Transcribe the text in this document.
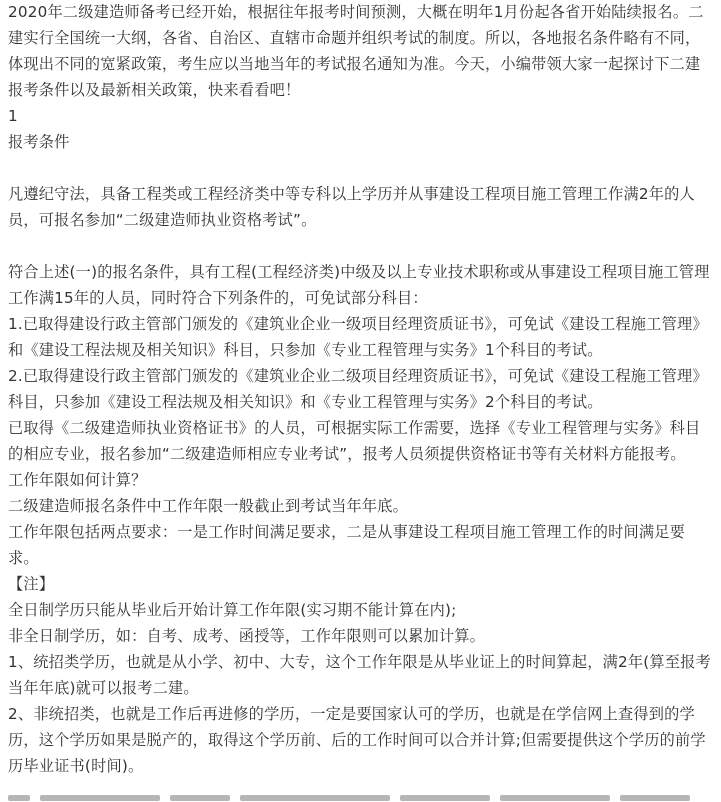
2020年二级建造师备考已经开始，根据往年报考时间预测，大概在明年1月份起各省开始陆续报名。二建实行全国统一大纲，各省、自治区、直辖市命题并组织考试的制度。所以，各地报名条件略有不同，体现出不同的宽紧政策，考生应以当地当年的考试报名通知为准。今天，小编带领大家一起探讨下二建报考条件以及最新相关政策，快来看看吧！

1

报考条件

凡遵纪守法，具备工程类或工程经济类中等专科以上学历并从事建设工程项目施工管理工作满2年的人员，可报名参加“二级建造师执业资格考试”。

符合上述(一)的报名条件，具有工程(工程经济类)中级及以上专业技术职称或从事建设工程项目施工管理工作满15年的人员，同时符合下列条件的，可免试部分科目：

1.已取得建设行政主管部门颁发的《建筑业企业一级项目经理资质证书》，可免试《建设工程施工管理》和《建设工程法规及相关知识》科目，只参加《专业工程管理与实务》1个科目的考试。

2.已取得建设行政主管部门颁发的《建筑业企业二级项目经理资质证书》，可免试《建设工程施工管理》科目，只参加《建设工程法规及相关知识》和《专业工程管理与实务》2个科目的考试。

已取得《二级建造师执业资格证书》的人员，可根据实际工作需要，选择《专业工程管理与实务》科目的相应专业，报名参加“二级建造师相应专业考试”，报考人员须提供资格证书等有关材料方能报考。

工作年限如何计算？

二级建造师报名条件中工作年限一般截止到考试当年年底。

工作年限包括两点要求：一是工作时间满足要求，二是从事建设工程项目施工管理工作的时间满足要求。

【注】

全日制学历只能从毕业后开始计算工作年限(实习期不能计算在内);

非全日制学历，如：自考、成考、函授等，工作年限则可以累加计算。

1、统招类学历，也就是从小学、初中、大专，这个工作年限是从毕业证上的时间算起，满2年(算至报考当年年底)就可以报考二建。

2、非统招类，也就是工作后再进修的学历，一定是要国家认可的学历，也就是在学信网上查得到的学历，这个学历如果是脱产的，取得这个学历前、后的工作时间可以合并计算;但需要提供这个学历的前学历毕业证书(时间)。
